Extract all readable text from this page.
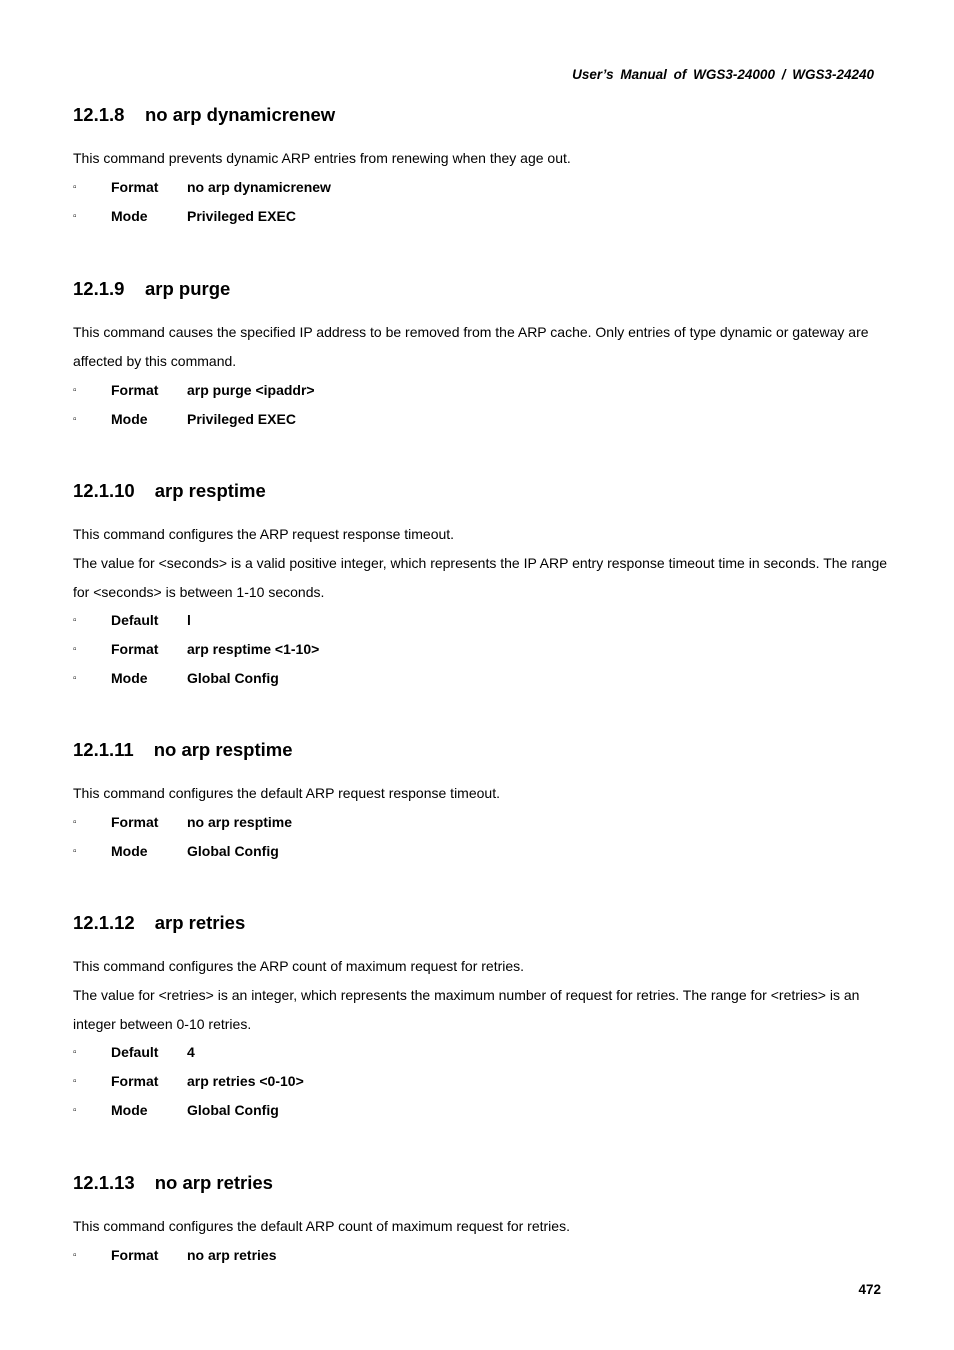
User’s Manual of WGS3-24000 / WGS3-24240
12.1.8 no arp dynamicrenew

This command prevents dynamic ARP entries from renewing when they age out.

▫ Format no arp dynamicrenew
▫ Mode	Privileged EXEC
12.1.9 arp purge

This command causes the specified IP address to be removed from the ARP cache. Only entries of type dynamic or gateway are affected by this command.

▫ Format arp purge <ipaddr>
▫ Mode	Privileged EXEC
12.1.10 arp resptime

This command configures the ARP request response timeout.

The value for <seconds> is a valid positive integer, which represents the IP ARP entry response timeout time in seconds. The range for <seconds> is between 1-10 seconds.

▫ Default l
▫ Format arp resptime <1-10>
▫ Mode	Global Config
12.1.11 no arp resptime

This command configures the default ARP request response timeout.

▫ Format no arp resptime
▫ Mode	Global Config
12.1.12 arp retries

This command configures the ARP count of maximum request for retries.

The value for <retries> is an integer, which represents the maximum number of request for retries. The range for <retries> is an integer between 0-10 retries.

▫ Default 4
▫ Format arp retries <0-10>
▫ Mode	Global Config
12.1.13 no arp retries

This command configures the default ARP count of maximum request for retries.

▫ Format no arp retries
472
